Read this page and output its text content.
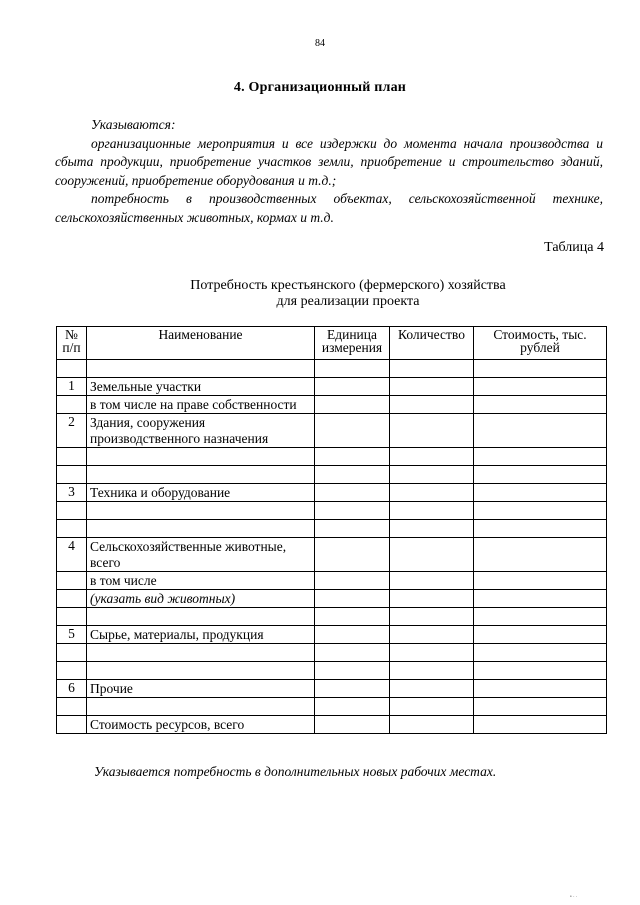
84
4. Организационный план

Указываются:

организационные мероприятия и все издержки до момента начала производства и сбыта продукции, приобретение участков земли, приобретение и строительство зданий, сооружений, приобретение оборудования и т.д.;

потребность в производственных объектах, сельскохозяйственной технике, сельскохозяйственных животных, кормах и т.д.

Таблица 4
Потребность крестьянского (фермерского) хозяйства
для реализации проекта
№ п/п	Наименование	Единица измерения	Количество	Стоимость, тыс. рублей

1	Земельные участки			
	в том числе на праве собственности			
2	Здания, сооружения производственного назначения			

3	Техника и оборудование			

4	Сельскохозяйственные животные, всего			
	в том числе			
	(указать вид животных)			

5	Сырье, материалы, продукция			

6	Прочие			

	Стоимость ресурсов, всего			
Указывается потребность в дополнительных новых рабочих местах.
• · ·
